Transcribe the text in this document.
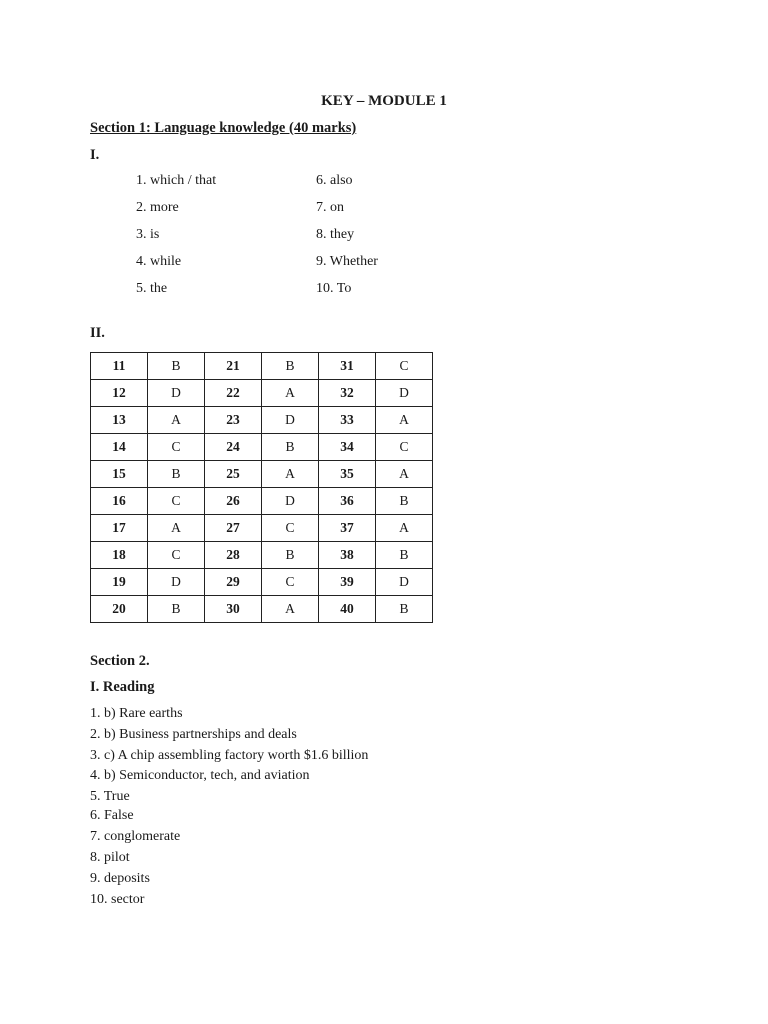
KEY – MODULE 1
Section 1: Language knowledge (40 marks)
I.
1. which / that
2. more
3. is
4. while
5. the
6. also
7. on
8. they
9. Whether
10. To
II.
11	B	21	B	31	C
12	D	22	A	32	D
13	A	23	D	33	A
14	C	24	B	34	C
15	B	25	A	35	A
16	C	26	D	36	B
17	A	27	C	37	A
18	C	28	B	38	B
19	D	29	C	39	D
20	B	30	A	40	B
Section 2.
I. Reading
1. b) Rare earths
2. b) Business partnerships and deals
3. c) A chip assembling factory worth $1.6 billion
4. b) Semiconductor, tech, and aviation
5. True
6. False
7. conglomerate
8. pilot
9. deposits
10. sector
